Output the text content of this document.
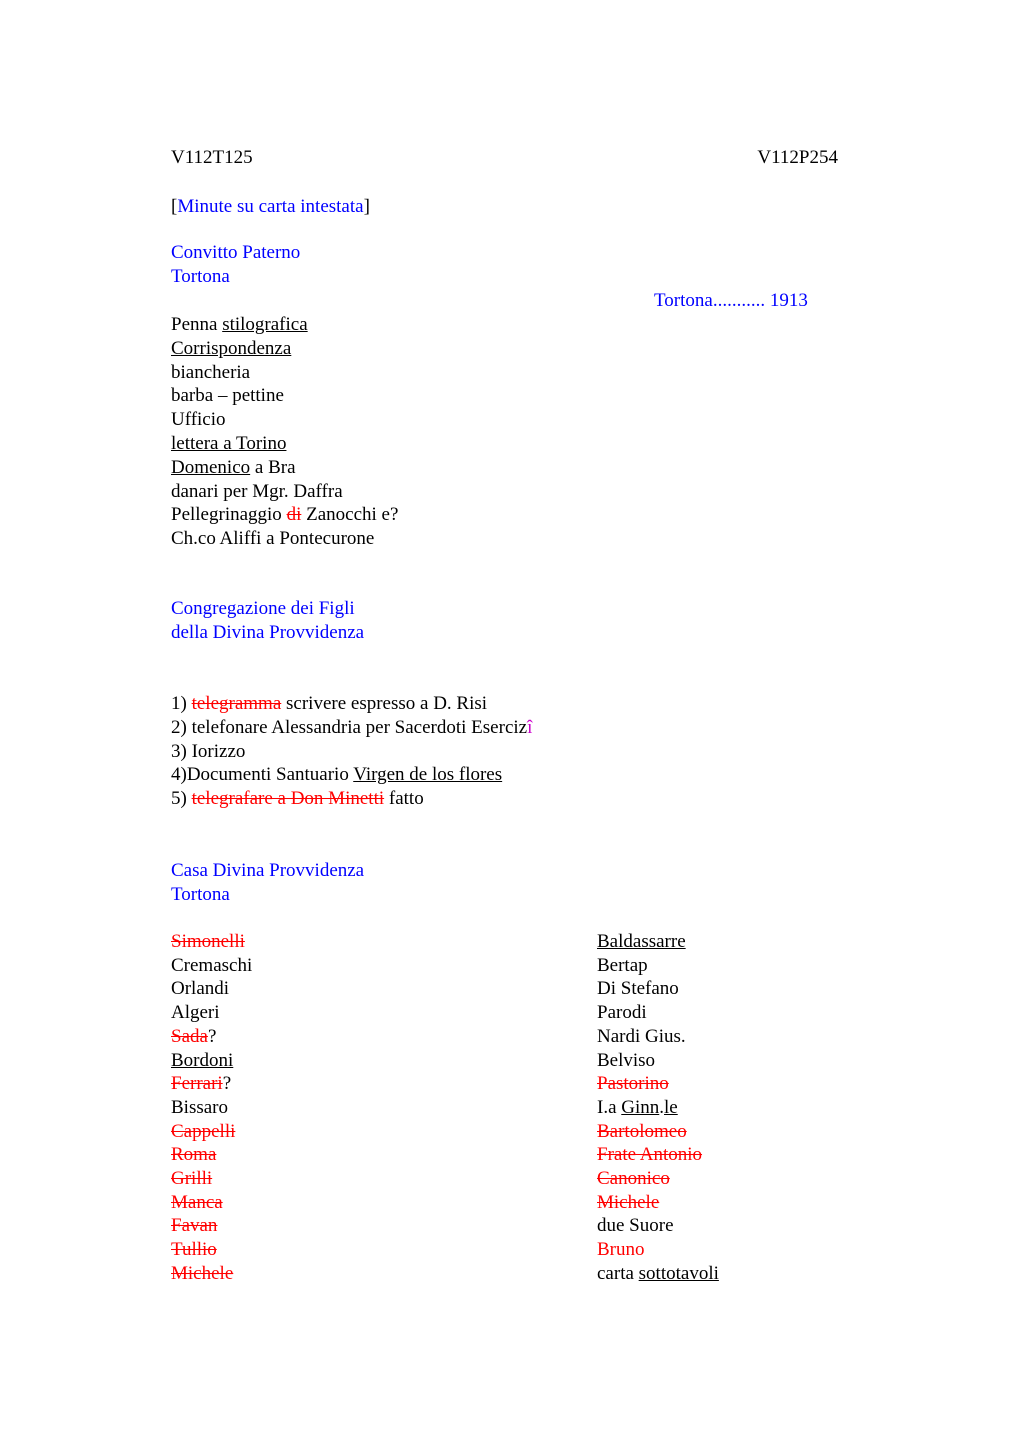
V112T125	V112P254
[Minute su carta intestata]
Convitto Paterno
Tortona
Tortona........... 1913
Penna stilografica
Corrispondenza
biancheria
barba – pettine
Ufficio
lettera a Torino
Domenico a Bra
danari per Mgr. Daffra
Pellegrinaggio di Zanocchi e?
Ch.co Aliffi a Pontecurone
Congregazione dei Figli
della Divina Provvidenza
1) telegramma scrivere espresso a D. Risi
2) telefonare Alessandria per Sacerdoti Esercizî
3) Iorizzo
4)Documenti Santuario Virgen de los flores
5) telegrafare a Don Minetti fatto
Casa Divina Provvidenza
Tortona
Simonelli
Cremaschi
Orlandi
Algeri
Sada?
Bordoni
Ferrari?
Bissaro
Cappelli
Roma
Grilli
Manca
Favan
Tullio
Michele
Baldassarre
Bertap
Di Stefano
Parodi
Nardi Gius.
Belviso
Pastorino
I.a Ginn.le
Bartolomeo
Frate Antonio
Canonico
Michele
due Suore
Bruno
carta sottotavoli
